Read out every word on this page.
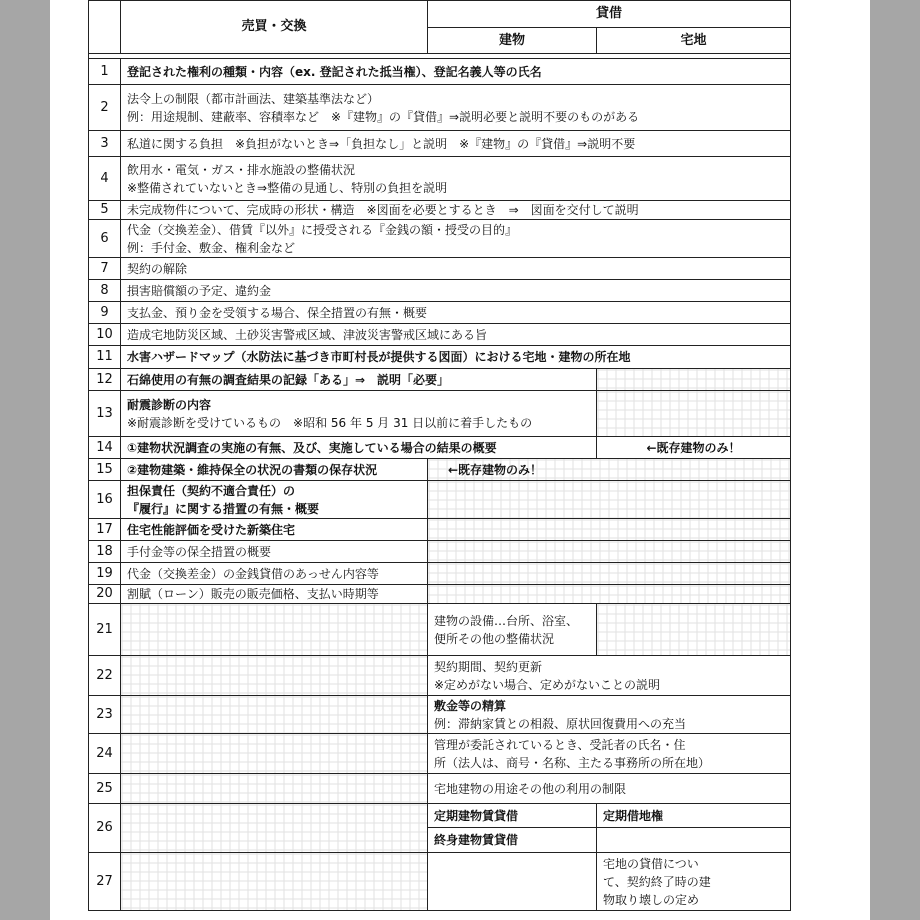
	売買・交換	貸借	
		建物	宅地

1	登記された権利の種類・内容（ex. 登記された抵当権）、登記名義人等の氏名		
2	法令上の制限（都市計画法、建築基準法など）
例：用途規制、建蔽率、容積率など　※『建物』の『貸借』⇒説明必要と説明不要のものがある		

3	私道に関する負担　※負担がないとき⇒「負担なし」と説明　※『建物』の『貸借』⇒説明不要		
4	飲用水・電気・ガス・排水施設の整備状況
※整備されていないとき⇒整備の見通し、特別の負担を説明		

5	未完成物件について、完成時の形状・構造　※図面を必要とするとき　⇒　図面を交付して説明		
6	代金（交換差金）、借賃『以外』に授受される『金銭の額・授受の目的』
例：手付金、敷金、権利金など		

7	契約の解除		
8	損害賠償額の予定、違約金		
9	支払金、預り金を受領する場合、保全措置の有無・概要		
10	造成宅地防災区域、土砂災害警戒区域、津波災害警戒区域にある旨		
11	水害ハザードマップ（水防法に基づき市町村長が提供する図面）における宅地・建物の所在地		
12	石綿使用の有無の調査結果の記録「ある」⇒　説明「必要」		
13	耐震診断の内容
※耐震診断を受けているもの　※昭和 56 年 5 月 31 日以前に着手したもの		

14	①建物状況調査の実施の有無、及び、実施している場合の結果の概要		←既存建物のみ！
15	②建物建築・維持保全の状況の書類の保存状況	←既存建物のみ！	
16	担保責任（契約不適合責任）の
『履行』に関する措置の有無・概要		

17	住宅性能評価を受けた新築住宅		
18	手付金等の保全措置の概要		
19	代金（交換差金）の金銭貸借のあっせん内容等		
20	割賦（ローン）販売の販売価格、支払い時期等		
21		建物の設備…台所、浴室、
便所その他の整備状況	

22		契約期間、契約更新
※定めがない場合、定めがないことの説明	

23		敷金等の精算
例：滞納家賃との相殺、原状回復費用への充当	

24		管理が委託されているとき、受託者の氏名・住
所（法人は、商号・名称、主たる事務所の所在地）	

25		宅地建物の用途その他の利用の制限	
26		定期建物賃貸借	定期借地権
		終身建物賃貸借	
27			宅地の貸借につい
て、契約終了時の建
物取り壊しの定め
